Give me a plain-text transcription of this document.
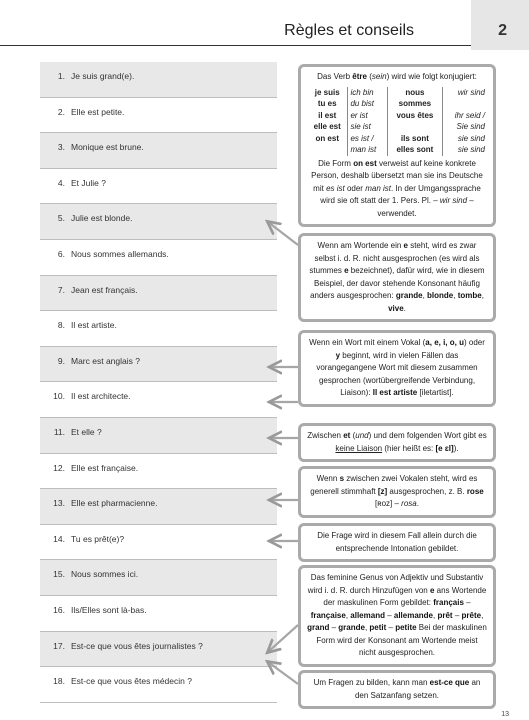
Règles et conseils	2
1. Je suis grand(e).
2. Elle est petite.
3. Monique est brune.
4. Et Julie ?
5. Julie est blonde.
6. Nous sommes allemands.
7. Jean est français.
8. Il est artiste.
9. Marc est anglais ?
10. Il est architecte.
11. Et elle ?
12. Elle est française.
13. Elle est pharmacienne.
14. Tu es prêt(e)?
15. Nous sommes ici.
16. Ils/Elles sont là-bas.
17. Est-ce que vous êtes journalistes ?
18. Est-ce que vous êtes médecin ?
Das Verb être (sein) wird wie folgt konjugiert:
je suis	ich bin	nous	wir sind
tu es	du bist	sommes	
il est	er ist	vous êtes	ihr seid /
elle est	sie ist		Sie sind
on est	es ist /	ils sont	sie sind
	man ist	elles sont	sie sind
Die Form on est verweist auf keine konkrete Person, deshalb übersetzt man sie ins Deutsche mit es ist oder man ist. In der Umgangssprache wird sie oft statt der 1. Pers. Pl. – wir sind – verwendet.
Wenn am Wortende ein e steht, wird es zwar selbst i. d. R. nicht ausgesprochen (es wird als stummes e bezeichnet), dafür wird, wie in diesem Beispiel, der davor stehende Konsonant häufig anders ausgesprochen: grande, blonde, tombe, vive.
Wenn ein Wort mit einem Vokal (a, e, i, o, u) oder y beginnt, wird in vielen Fällen das vorangegangene Wort mit diesem zusammen gesprochen (wortübergreifende Verbindung, Liaison): Il est artiste [iletartist].
Zwischen et (und) und dem folgenden Wort gibt es keine Liaison (hier heißt es: [e ɛl]).
Wenn s zwischen zwei Vokalen steht, wird es generell stimmhaft [z] ausgesprochen, z. B. rose [ʀoz] – rosa.
Die Frage wird in diesem Fall allein durch die entsprechende Intonation gebildet.
Das feminine Genus von Adjektiv und Substantiv wird i. d. R. durch Hinzufügen von e ans Wortende der maskulinen Form gebildet: français – française, allemand – allemande, prêt – prête, grand – grande, petit – petite Bei der maskulinen Form wird der Konsonant am Wortende meist nicht ausgesprochen.
Um Fragen zu bilden, kann man est-ce que an den Satzanfang setzen.
13
